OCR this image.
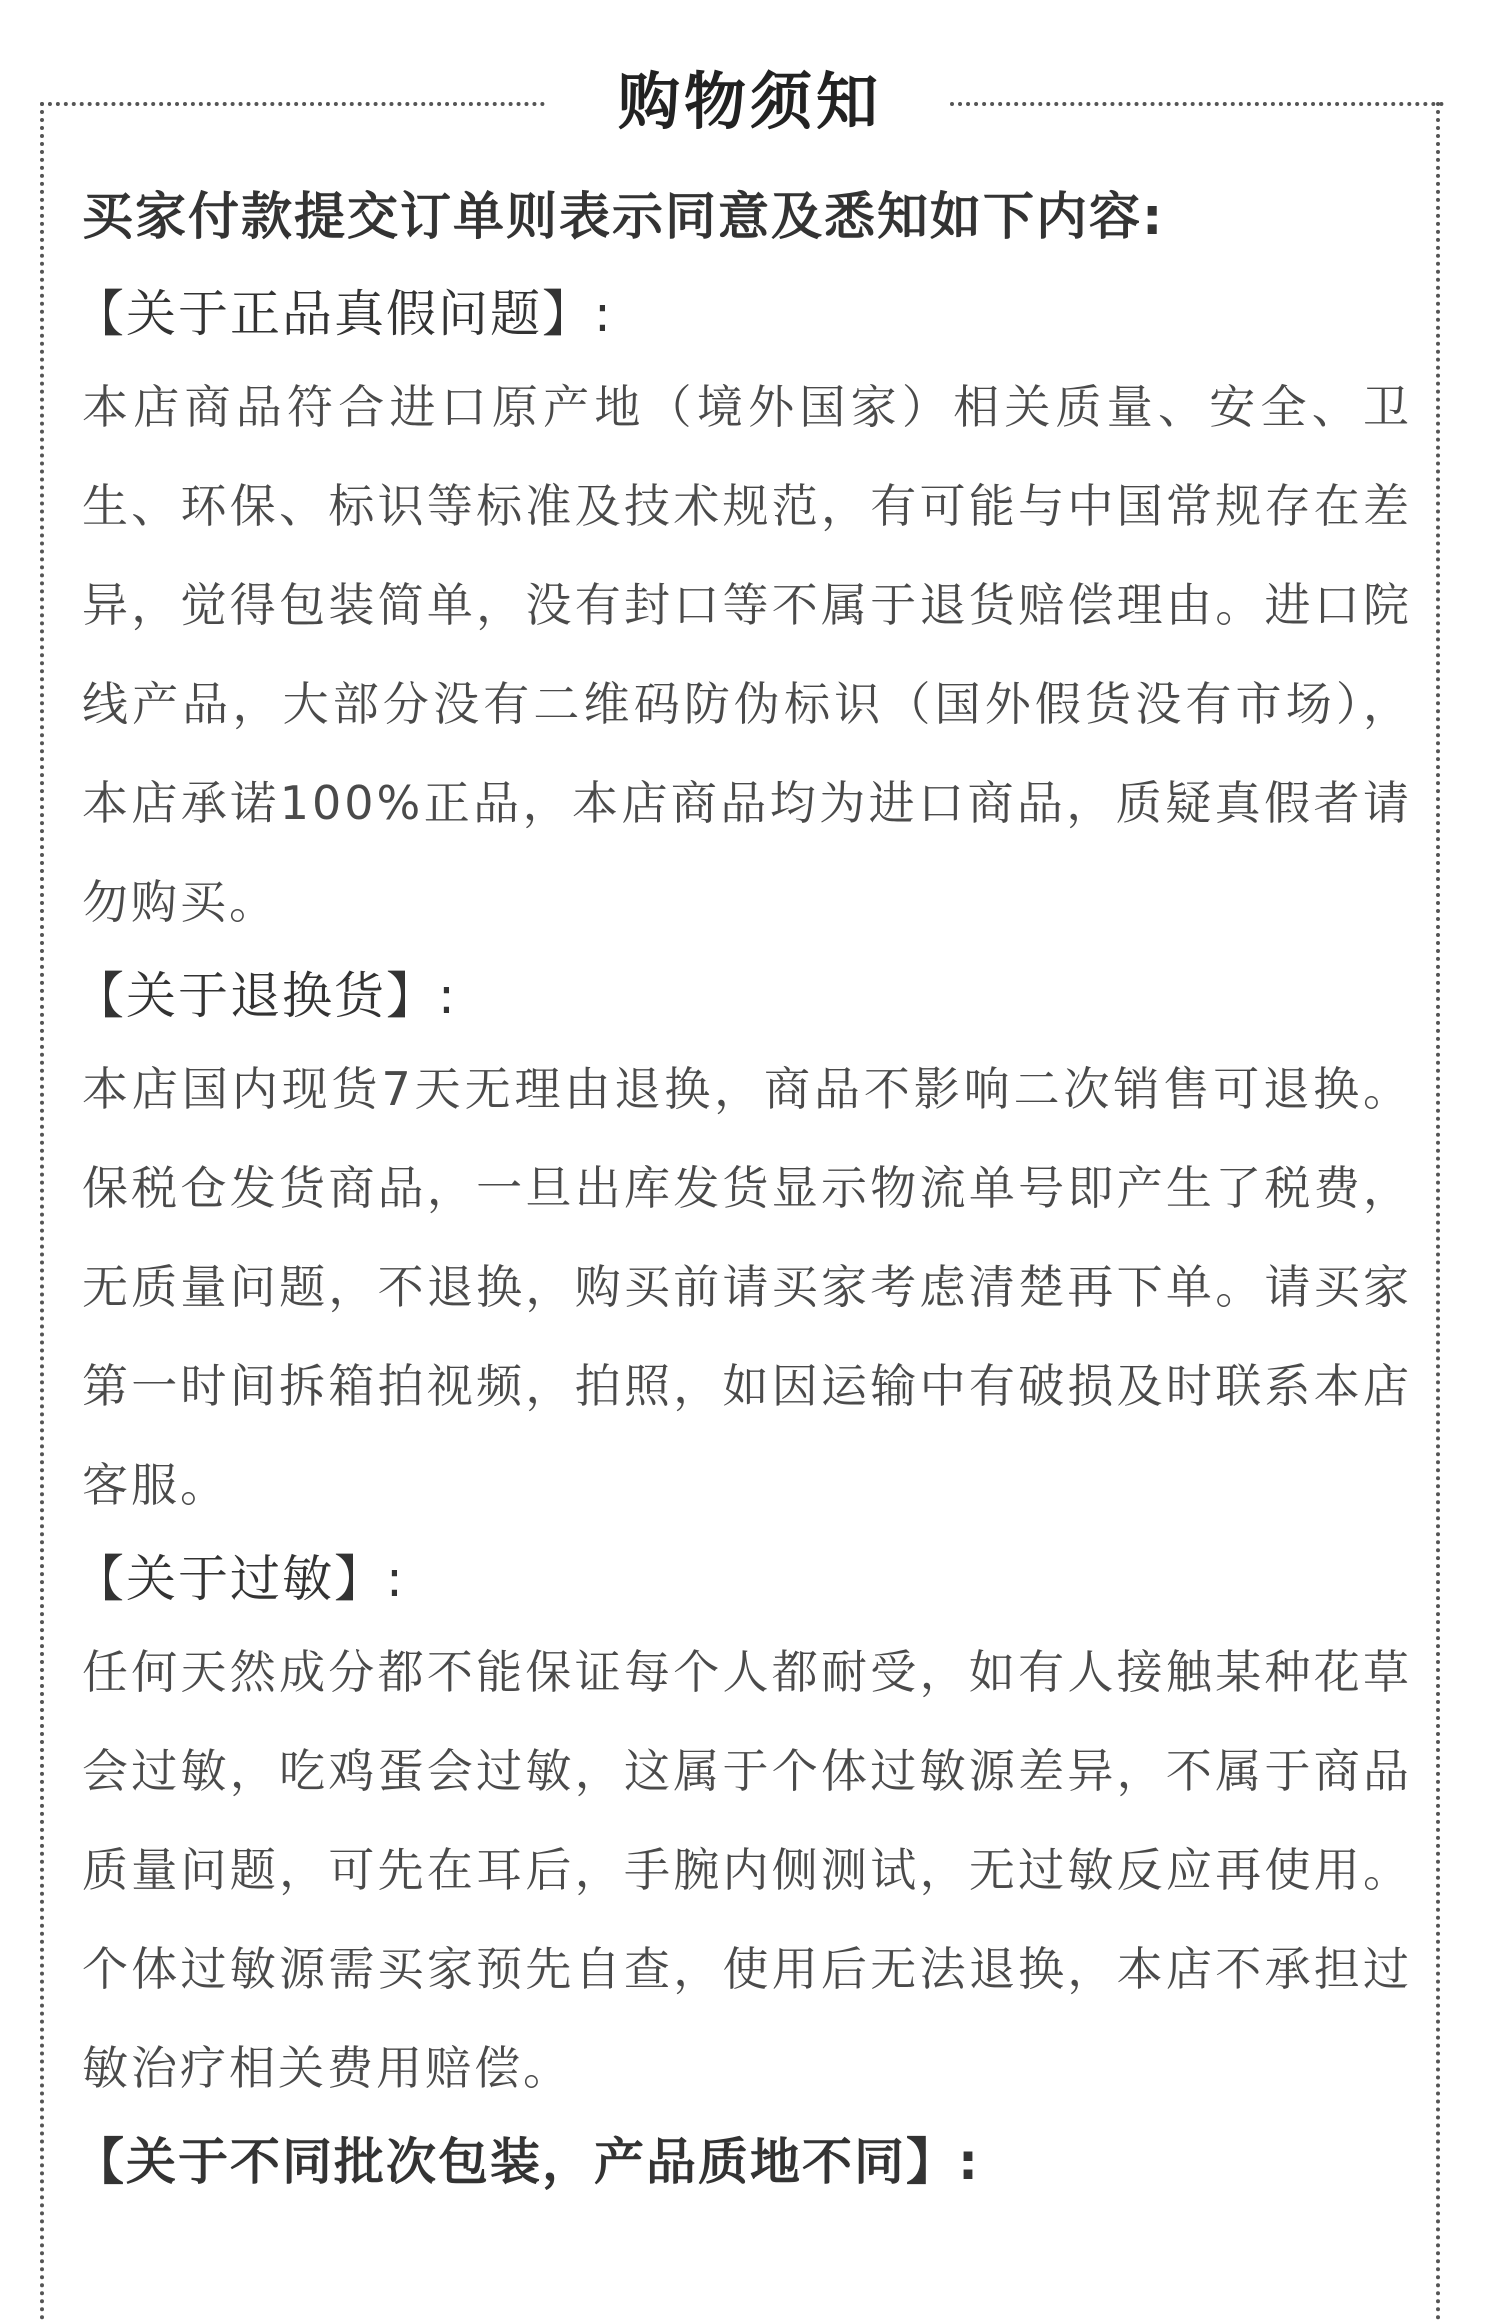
购物须知
买家付款提交订单则表示同意及悉知如下内容:
【关于正品真假问题】:

本店商品符合进口原产地（境外国家）相关质量、安全、卫生、环保、标识等标准及技术规范，有可能与中国常规存在差异，觉得包装简单，没有封口等不属于退货赔偿理由。进口院线产品，大部分没有二维码防伪标识（国外假货没有市场），本店承诺100%正品，本店商品均为进口商品，质疑真假者请勿购买。

【关于退换货】:

本店国内现货7天无理由退换，商品不影响二次销售可退换。保税仓发货商品，一旦出库发货显示物流单号即产生了税费，无质量问题，不退换，购买前请买家考虑清楚再下单。请买家第一时间拆箱拍视频，拍照，如因运输中有破损及时联系本店客服。

【关于过敏】:

任何天然成分都不能保证每个人都耐受，如有人接触某种花草会过敏，吃鸡蛋会过敏，这属于个体过敏源差异，不属于商品质量问题，可先在耳后，手腕内侧测试，无过敏反应再使用。个体过敏源需买家预先自查，使用后无法退换，本店不承担过敏治疗相关费用赔偿。

【关于不同批次包装，产品质地不同】:
